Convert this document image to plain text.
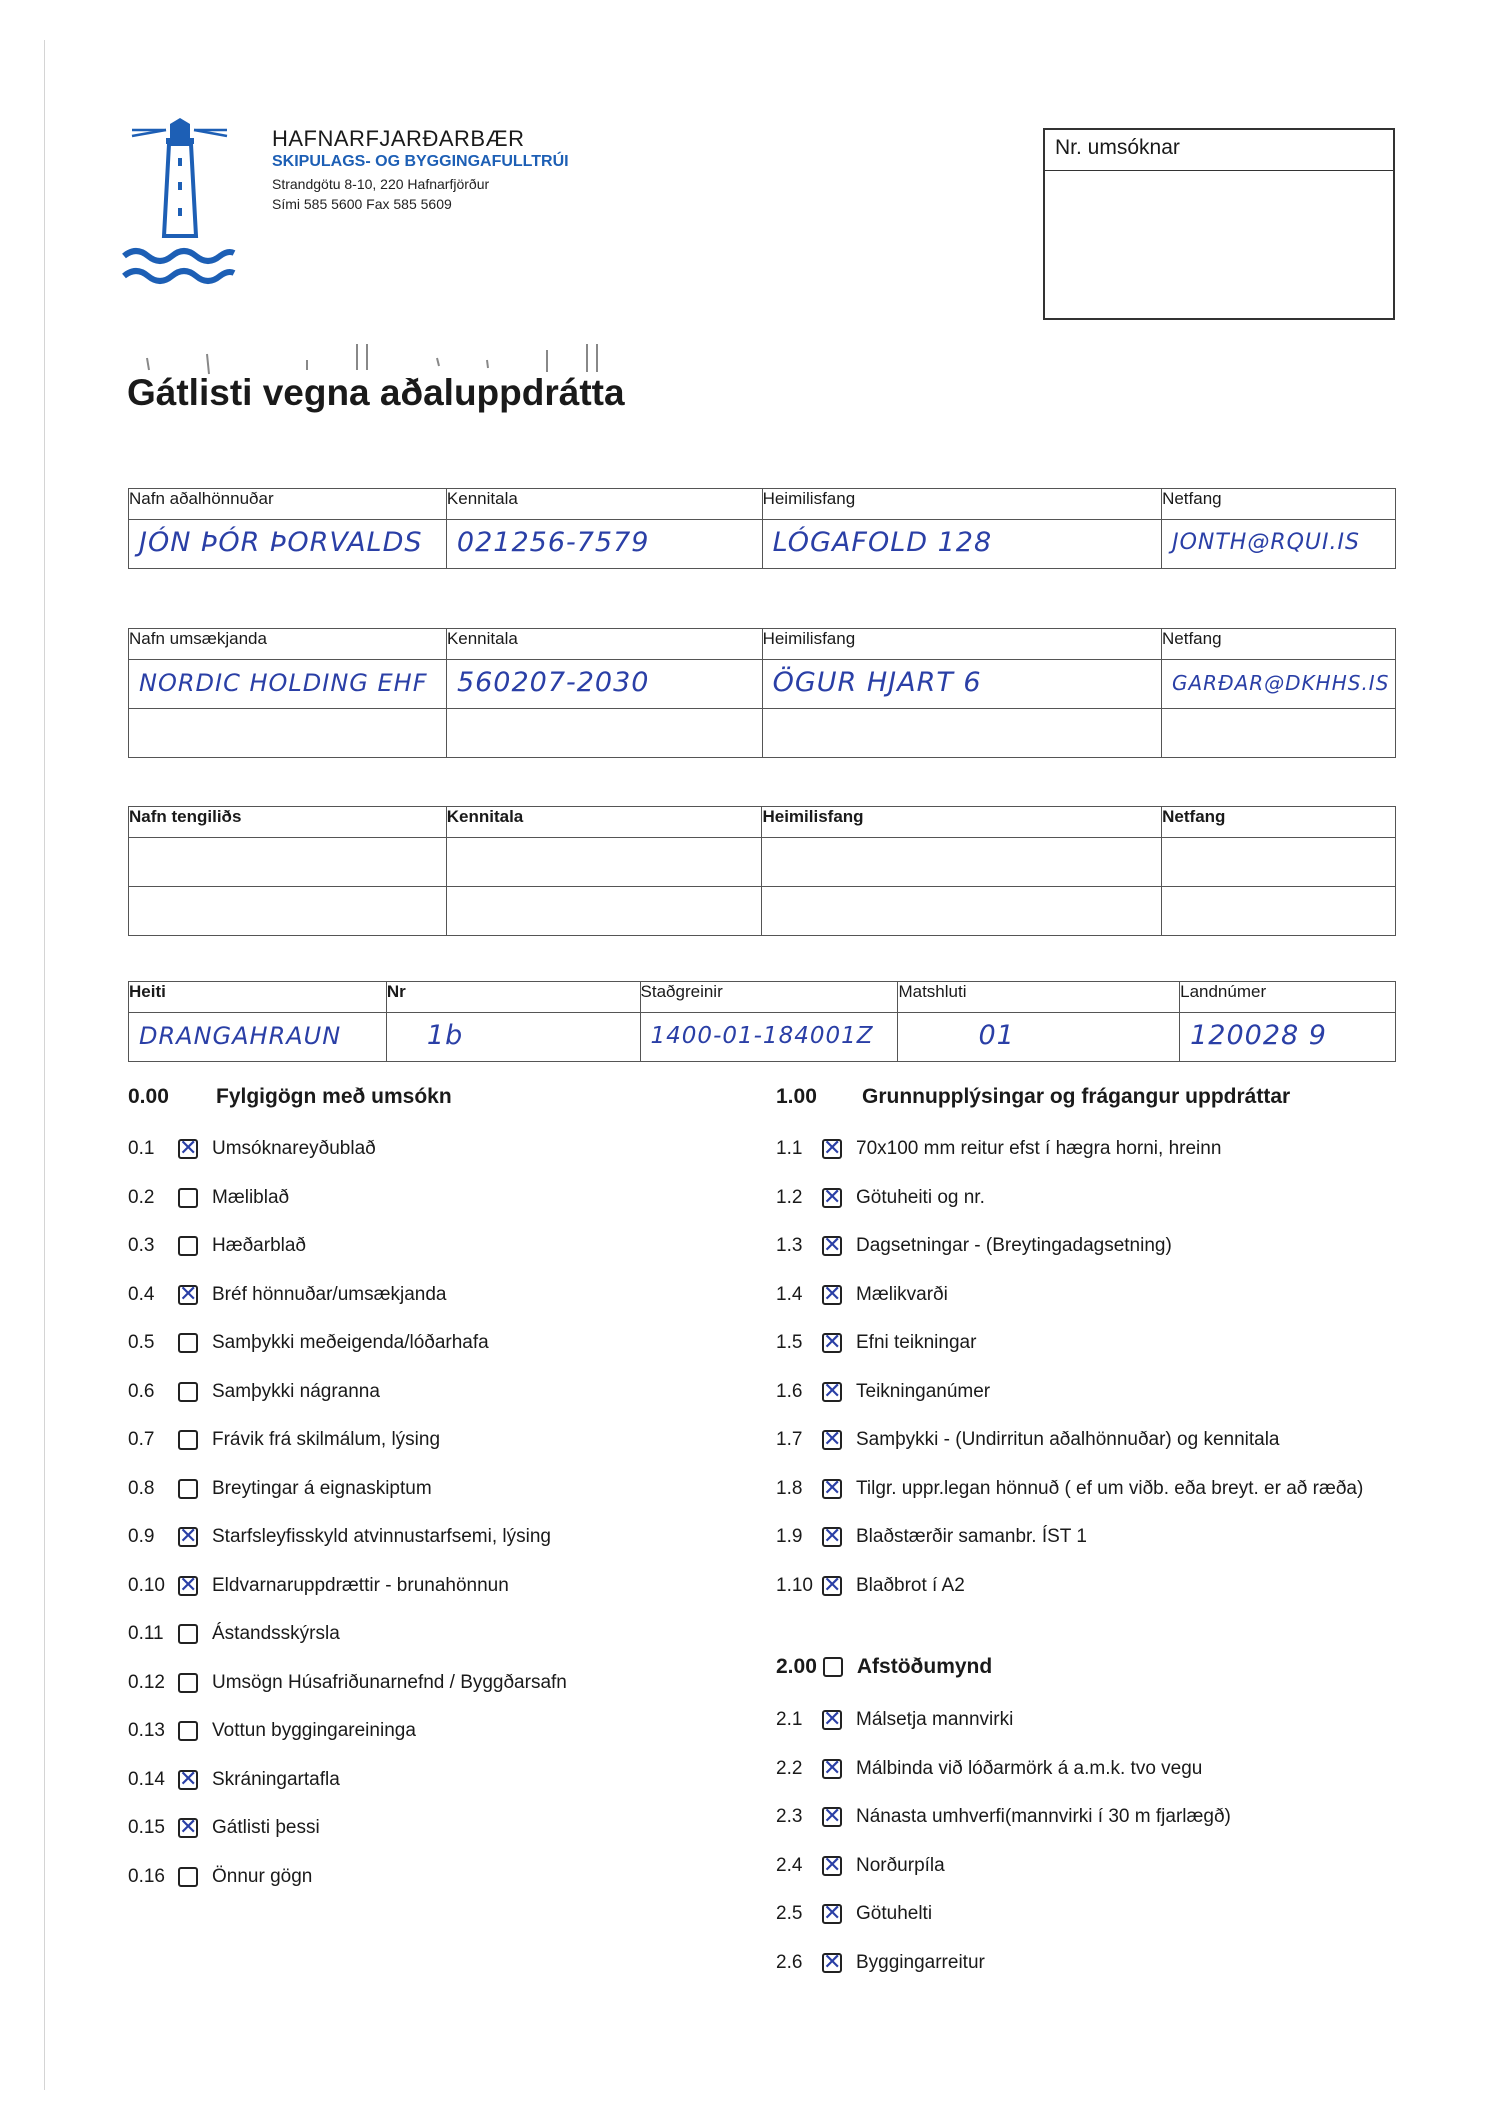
HAFNARFJARÐARBÆR
SKIPULAGS- OG BYGGINGAFULLTRÚI
Strandgötu 8-10, 220 Hafnarfjörður
Sími 585 5600 Fax 585 5609
Nr. umsóknar
Gátlisti vegna aðaluppdrátta
Nafn aðalhönnuðar	Kennitala	Heimilisfang	Netfang

JÓN ÞÓR ÞORVALDS	021256-7579	LÓGAFOLD 128	JONTH@RQUI.IS
Nafn umsækjanda	Kennitala	Heimilisfang	Netfang

NORDIC HOLDING EHF	560207-2030	ÖGUR HJART 6	GARÐAR@DKHHS.IS

Nafn tengiliðs	Kennitala	Heimilisfang	Netfang

Heiti	Nr	Staðgreinir	Matshluti	Landnúmer

DRANGAHRAUN	1b	1400-01-184001Z	01	120028 9
0.00 Fylgigögn með umsókn	1.00 Grunnupplýsingar og frágangur uppdráttar
2.00 Afstöðumynd
0.1 ✕	Umsóknareyðublað
0.2	Mæliblað
0.3	Hæðarblað
0.4 ✕	Bréf hönnuðar/umsækjanda
0.5	Samþykki meðeigenda/lóðarhafa
0.6	Samþykki nágranna
0.7	Frávik frá skilmálum, lýsing
0.8	Breytingar á eignaskiptum
0.9 ✕	Starfsleyfisskyld atvinnustarfsemi, lýsing
0.10 ✕	Eldvarnaruppdrættir - brunahönnun
0.11	Ástandsskýrsla
0.12	Umsögn Húsafriðunarnefnd / Byggðarsafn
0.13	Vottun byggingareininga
0.14 ✕	Skráningartafla
0.15 ✕	Gátlisti þessi
0.16	Önnur gögn
1.1 ✕	70x100 mm reitur efst í hægra horni, hreinn
1.2 ✕	Götuheiti og nr.
1.3 ✕	Dagsetningar - (Breytingadagsetning)
1.4 ✕	Mælikvarði
1.5 ✕	Efni teikningar
1.6 ✕	Teikninganúmer
1.7 ✕	Samþykki - (Undirritun aðalhönnuðar) og kennitala
1.8 ✕	Tilgr. uppr.legan hönnuð ( ef um viðb. eða breyt. er að ræða)
1.9 ✕	Blaðstærðir samanbr. ÍST 1
1.10 ✕	Blaðbrot í A2
2.1 ✕	Málsetja mannvirki
2.2 ✕	Málbinda við lóðarmörk á a.m.k. tvo vegu
2.3 ✕	Nánasta umhverfi(mannvirki í 30 m fjarlægð)
2.4 ✕	Norðurpíla
2.5 ✕	Götuhelti
2.6 ✕	Byggingarreitur
